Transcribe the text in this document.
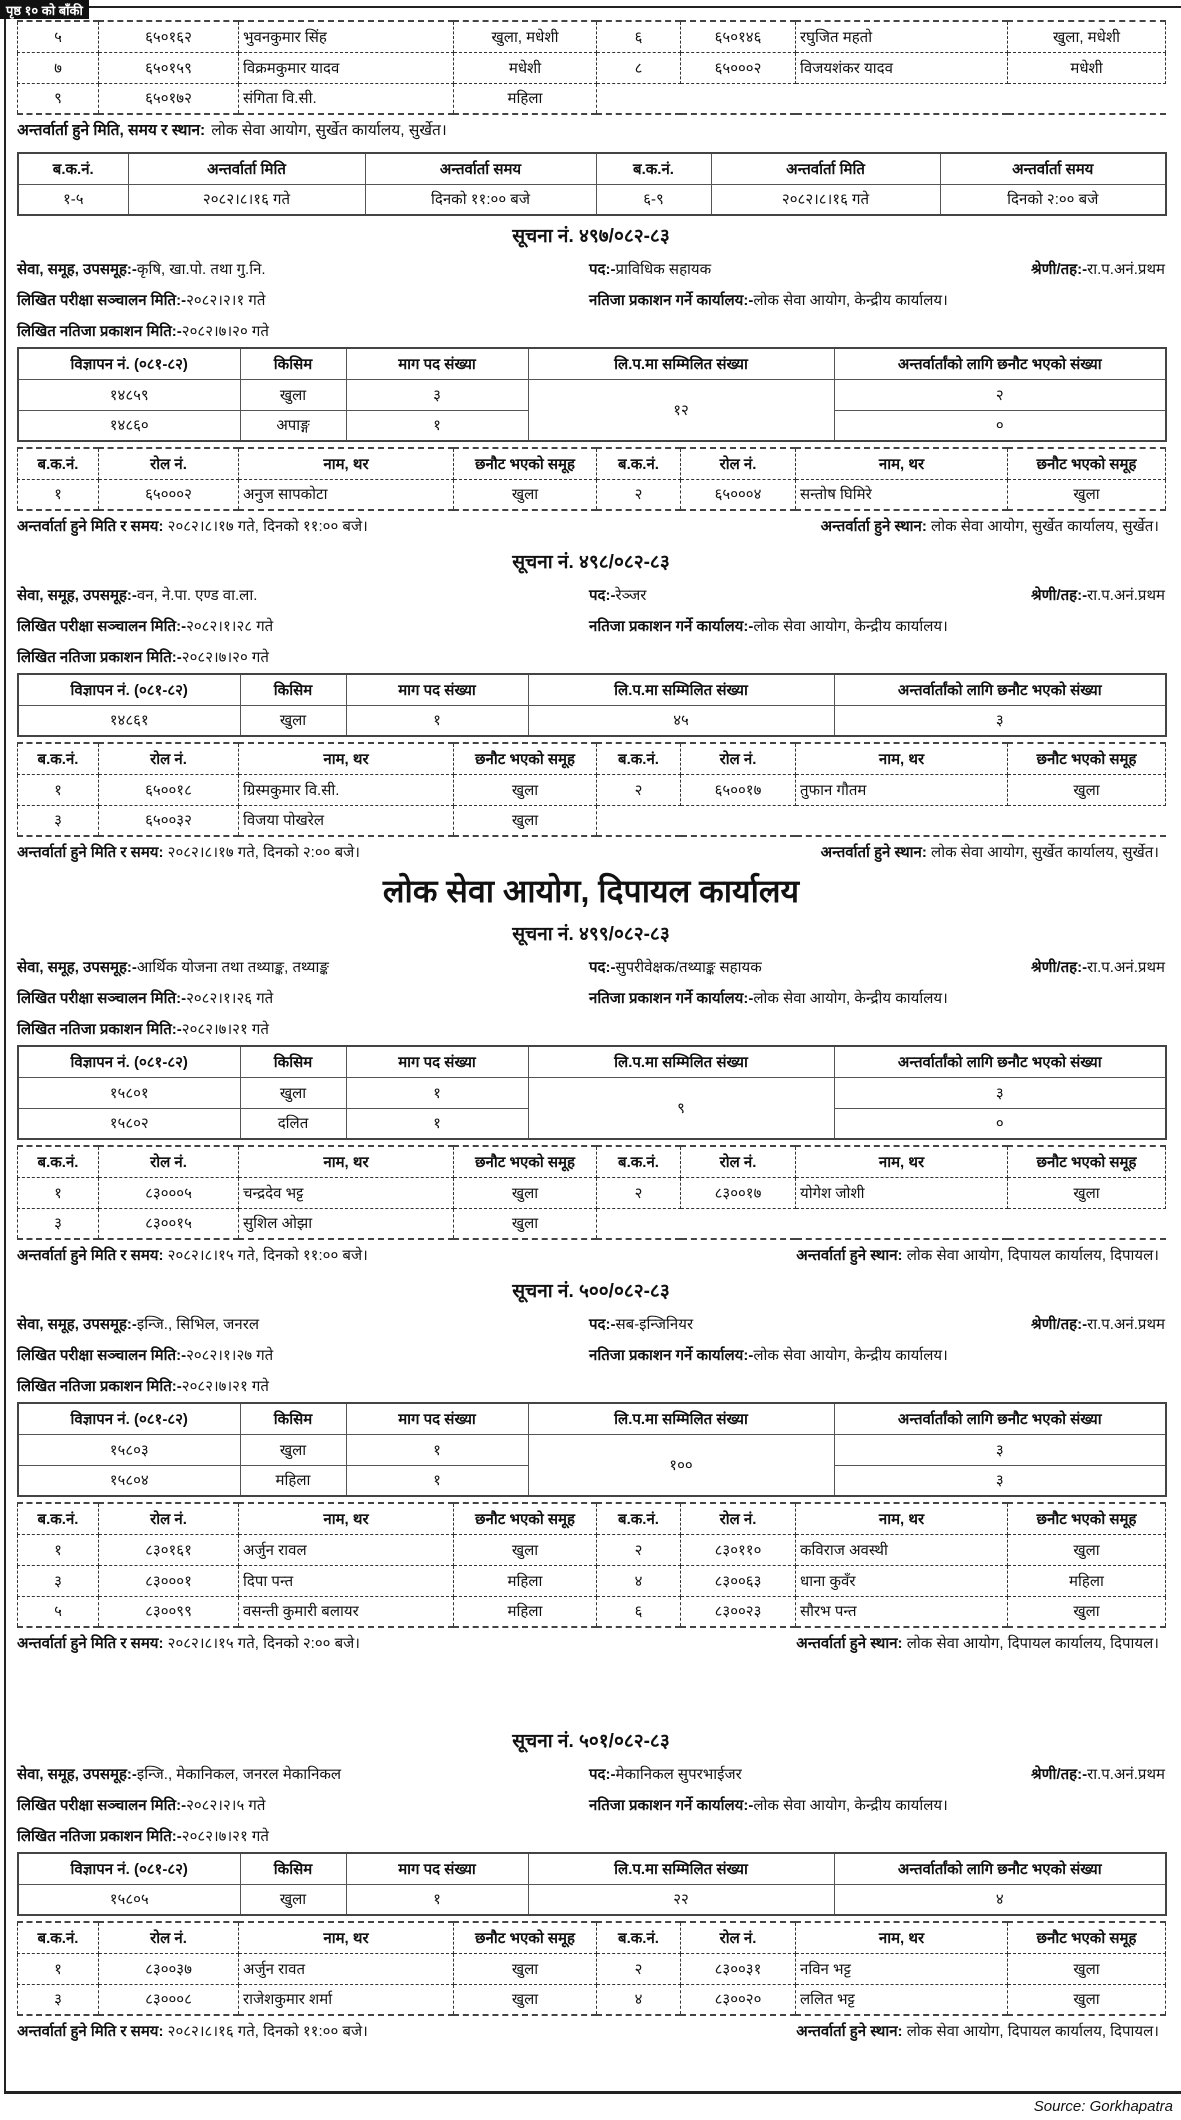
पृष्ठ १० को बाँकी
५	६५०१६२	भुवनकुमार सिंह	खुला, मधेशी	६	६५०१४६	रघुजित महतो	खुला, मधेशी
७	६५०१५९	विक्रमकुमार यादव	मधेशी	८	६५०००२	विजयशंकर यादव	मधेशी
९	६५०१७२	संगिता वि.सी.	महिला				
अन्तर्वार्ता हुने मिति, समय र स्थान: लोक सेवा आयोग, सुर्खेत कार्यालय, सुर्खेत।
ब.क.नं.	अन्तर्वार्ता मिति	अन्तर्वार्ता समय	ब.क.नं.	अन्तर्वार्ता मिति	अन्तर्वार्ता समय
१-५	२०८२।८।१६ गते	दिनको ११:०० बजे	६-९	२०८२।८।१६ गते	दिनको २:०० बजे
सूचना नं. ४९७/०८२-८३
सेवा, समूह, उपसमूह:-कृषि, खा.पो. तथा गु.नि.	पद:-प्राविधिक सहायक	श्रेणी/तह:-रा.प.अनं.प्रथम
लिखित परीक्षा सञ्चालन मिति:-२०८२।२।१ गते	नतिजा प्रकाशन गर्ने कार्यालय:-लोक सेवा आयोग, केन्द्रीय कार्यालय।
लिखित नतिजा प्रकाशन मिति:-२०८२।७।२० गते
विज्ञापन नं. (०८१-८२)	किसिम	माग पद संख्या	लि.प.मा सम्मिलित संख्या	अन्तर्वार्तांको लागि छनौट भएको संख्या
१४८५९	खुला	३	१२	२
१४८६०	अपाङ्ग	१		०
ब.क.नं.	रोल नं.	नाम, थर	छनौट भएको समूह	ब.क.नं.	रोल नं.	नाम, थर	छनौट भएको समूह
१	६५०००२	अनुज सापकोटा	खुला	२	६५०००४	सन्तोष घिमिरे	खुला
अन्तर्वार्ता हुने मिति र समय: २०८२।८।१७ गते, दिनको ११:०० बजे।	अन्तर्वार्ता हुने स्थान: लोक सेवा आयोग, सुर्खेत कार्यालय, सुर्खेत।
सूचना नं. ४९८/०८२-८३
सेवा, समूह, उपसमूह:-वन, ने.पा. एण्ड वा.ला.	पद:-रेञ्जर	श्रेणी/तह:-रा.प.अनं.प्रथम
लिखित परीक्षा सञ्चालन मिति:-२०८२।१।२८ गते	नतिजा प्रकाशन गर्ने कार्यालय:-लोक सेवा आयोग, केन्द्रीय कार्यालय।
लिखित नतिजा प्रकाशन मिति:-२०८२।७।२० गते
विज्ञापन नं. (०८१-८२)	किसिम	माग पद संख्या	लि.प.मा सम्मिलित संख्या	अन्तर्वार्तांको लागि छनौट भएको संख्या
१४८६१	खुला	१	४५	३
ब.क.नं.	रोल नं.	नाम, थर	छनौट भएको समूह	ब.क.नं.	रोल नं.	नाम, थर	छनौट भएको समूह
१	६५००१८	ग्रिस्मकुमार वि.सी.	खुला	२	६५००१७	तुफान गौतम	खुला
३	६५००३२	विजया पोखरेल	खुला				
अन्तर्वार्ता हुने मिति र समय: २०८२।८।१७ गते, दिनको २:०० बजे।	अन्तर्वार्ता हुने स्थान: लोक सेवा आयोग, सुर्खेत कार्यालय, सुर्खेत।
लोक सेवा आयोग, दिपायल कार्यालय
सूचना नं. ४९९/०८२-८३
सेवा, समूह, उपसमूह:-आर्थिक योजना तथा तथ्याङ्क, तथ्याङ्क	पद:-सुपरीवेक्षक/तथ्याङ्क सहायक	श्रेणी/तह:-रा.प.अनं.प्रथम
लिखित परीक्षा सञ्चालन मिति:-२०८२।१।२६ गते	नतिजा प्रकाशन गर्ने कार्यालय:-लोक सेवा आयोग, केन्द्रीय कार्यालय।
लिखित नतिजा प्रकाशन मिति:-२०८२।७।२१ गते
विज्ञापन नं. (०८१-८२)	किसिम	माग पद संख्या	लि.प.मा सम्मिलित संख्या	अन्तर्वार्तांको लागि छनौट भएको संख्या
१५८०१	खुला	१	९	३
१५८०२	दलित	१		०
ब.क.नं.	रोल नं.	नाम, थर	छनौट भएको समूह	ब.क.नं.	रोल नं.	नाम, थर	छनौट भएको समूह
१	८३०००५	चन्द्रदेव भट्ट	खुला	२	८३००१७	योगेश जोशी	खुला
३	८३००१५	सुशिल ओझा	खुला				
अन्तर्वार्ता हुने मिति र समय: २०८२।८।१५ गते, दिनको ११:०० बजे।	अन्तर्वार्ता हुने स्थान: लोक सेवा आयोग, दिपायल कार्यालय, दिपायल।
सूचना नं. ५००/०८२-८३
सेवा, समूह, उपसमूह:-इन्जि., सिभिल, जनरल	पद:-सब-इन्जिनियर	श्रेणी/तह:-रा.प.अनं.प्रथम
लिखित परीक्षा सञ्चालन मिति:-२०८२।१।२७ गते	नतिजा प्रकाशन गर्ने कार्यालय:-लोक सेवा आयोग, केन्द्रीय कार्यालय।
लिखित नतिजा प्रकाशन मिति:-२०८२।७।२१ गते
विज्ञापन नं. (०८१-८२)	किसिम	माग पद संख्या	लि.प.मा सम्मिलित संख्या	अन्तर्वार्तांको लागि छनौट भएको संख्या
१५८०३	खुला	१	१००	३
१५८०४	महिला	१		३
ब.क.नं.	रोल नं.	नाम, थर	छनौट भएको समूह	ब.क.नं.	रोल नं.	नाम, थर	छनौट भएको समूह
१	८३०१६१	अर्जुन रावल	खुला	२	८३०११०	कविराज अवस्थी	खुला
३	८३०००१	दिपा पन्त	महिला	४	८३००६३	धाना कुवँर	महिला
५	८३००९९	वसन्ती कुमारी बलायर	महिला	६	८३००२३	सौरभ पन्त	खुला
अन्तर्वार्ता हुने मिति र समय: २०८२।८।१५ गते, दिनको २:०० बजे।	अन्तर्वार्ता हुने स्थान: लोक सेवा आयोग, दिपायल कार्यालय, दिपायल।
सूचना नं. ५०१/०८२-८३
सेवा, समूह, उपसमूह:-इन्जि., मेकानिकल, जनरल मेकानिकल	पद:-मेकानिकल सुपरभाईजर	श्रेणी/तह:-रा.प.अनं.प्रथम
लिखित परीक्षा सञ्चालन मिति:-२०८२।२।५ गते	नतिजा प्रकाशन गर्ने कार्यालय:-लोक सेवा आयोग, केन्द्रीय कार्यालय।
लिखित नतिजा प्रकाशन मिति:-२०८२।७।२१ गते
विज्ञापन नं. (०८१-८२)	किसिम	माग पद संख्या	लि.प.मा सम्मिलित संख्या	अन्तर्वार्तांको लागि छनौट भएको संख्या
१५८०५	खुला	१	२२	४
ब.क.नं.	रोल नं.	नाम, थर	छनौट भएको समूह	ब.क.नं.	रोल नं.	नाम, थर	छनौट भएको समूह
१	८३००३७	अर्जुन रावत	खुला	२	८३००३१	नविन भट्ट	खुला
३	८३०००८	राजेशकुमार शर्मा	खुला	४	८३००२०	ललित भट्ट	खुला
अन्तर्वार्ता हुने मिति र समय: २०८२।८।१६ गते, दिनको ११:०० बजे।	अन्तर्वार्ता हुने स्थान: लोक सेवा आयोग, दिपायल कार्यालय, दिपायल।
Source: Gorkhapatra
